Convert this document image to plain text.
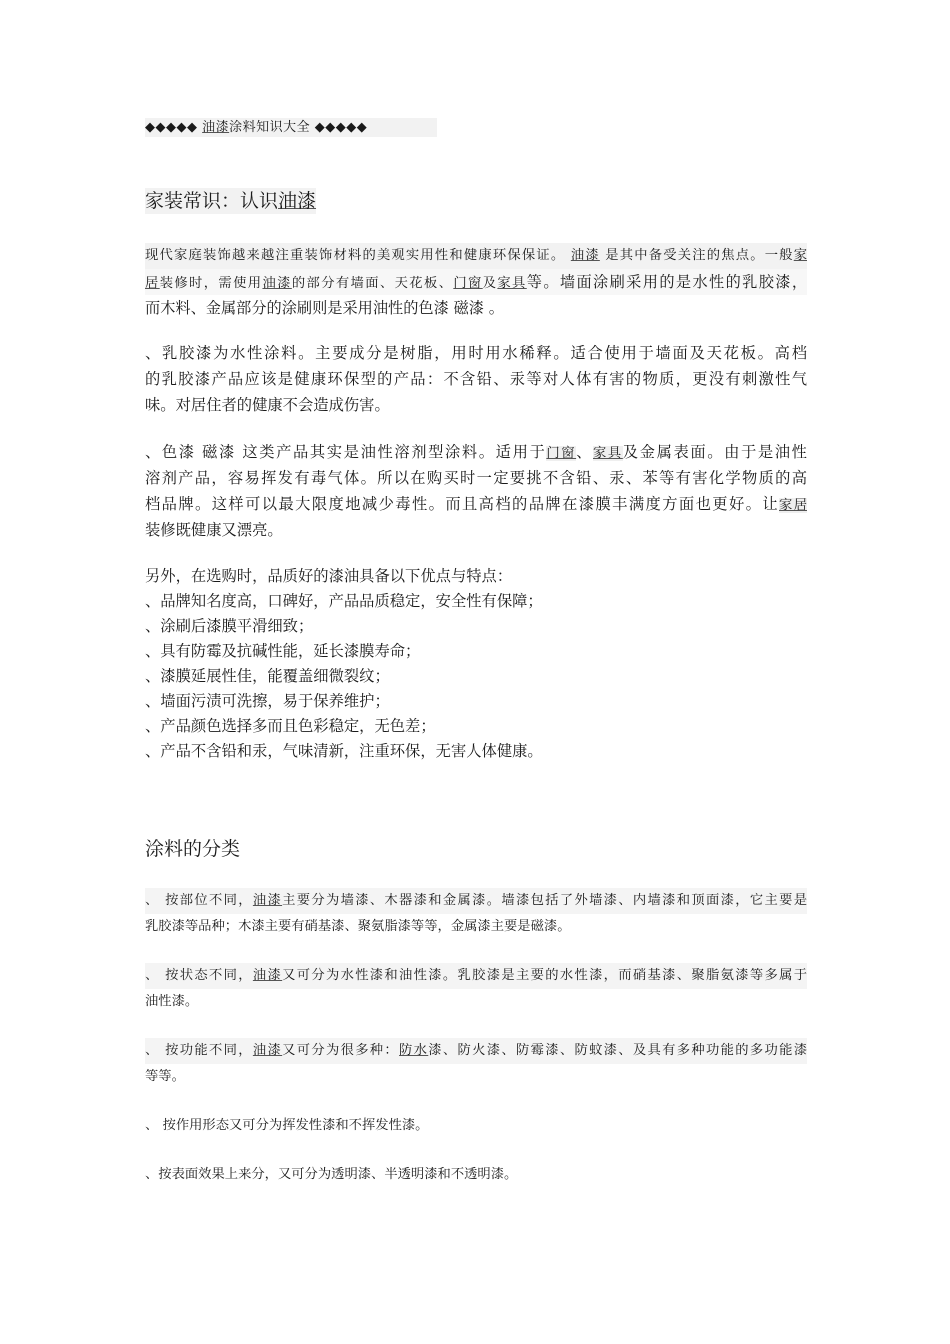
◆◆◆◆◆ 油漆涂料知识大全 ◆◆◆◆◆
家装常识：认识油漆
现代家庭装饰越来越注重装饰材料的美观实用性和健康环保保证。 油漆 是其中备受关注的焦点。一般家
居装修时，需使用油漆的部分有墙面、天花板、门窗及家具等。墙面涂刷采用的是水性的乳胶漆，
而木料、金属部分的涂刷则是采用油性的色漆 磁漆 。
、乳胶漆为水性涂料。主要成分是树脂，用时用水稀释。适合使用于墙面及天花板。高档
的乳胶漆产品应该是健康环保型的产品：不含铅、汞等对人体有害的物质，更没有刺激性气
味。对居住者的健康不会造成伤害。
、色漆 磁漆 这类产品其实是油性溶剂型涂料。适用于门窗、家具及金属表面。由于是油性
溶剂产品，容易挥发有毒气体。所以在购买时一定要挑不含铅、汞、苯等有害化学物质的高
档品牌。这样可以最大限度地减少毒性。而且高档的品牌在漆膜丰满度方面也更好。让家居
装修既健康又漂亮。
另外，在选购时，品质好的漆油具备以下优点与特点：
、品牌知名度高，口碑好，产品品质稳定，安全性有保障；
、涂刷后漆膜平滑细致；
、具有防霉及抗碱性能，延长漆膜寿命；
、漆膜延展性佳，能覆盖细微裂纹；
、墙面污渍可洗擦，易于保养维护；
、产品颜色选择多而且色彩稳定，无色差；
、产品不含铅和汞，气味清新，注重环保，无害人体健康。
涂料的分类
、 按部位不同，油漆主要分为墙漆、木器漆和金属漆。墙漆包括了外墙漆、内墙漆和顶面漆，它主要是
乳胶漆等品种；木漆主要有硝基漆、聚氨脂漆等等，金属漆主要是磁漆。
、 按状态不同，油漆又可分为水性漆和油性漆。乳胶漆是主要的水性漆，而硝基漆、聚脂氨漆等多属于
油性漆。
、 按功能不同，油漆又可分为很多种：防水漆、防火漆、防霉漆、防蚊漆、及具有多种功能的多功能漆
等等。
、 按作用形态又可分为挥发性漆和不挥发性漆。
、按表面效果上来分，又可分为透明漆、半透明漆和不透明漆。
